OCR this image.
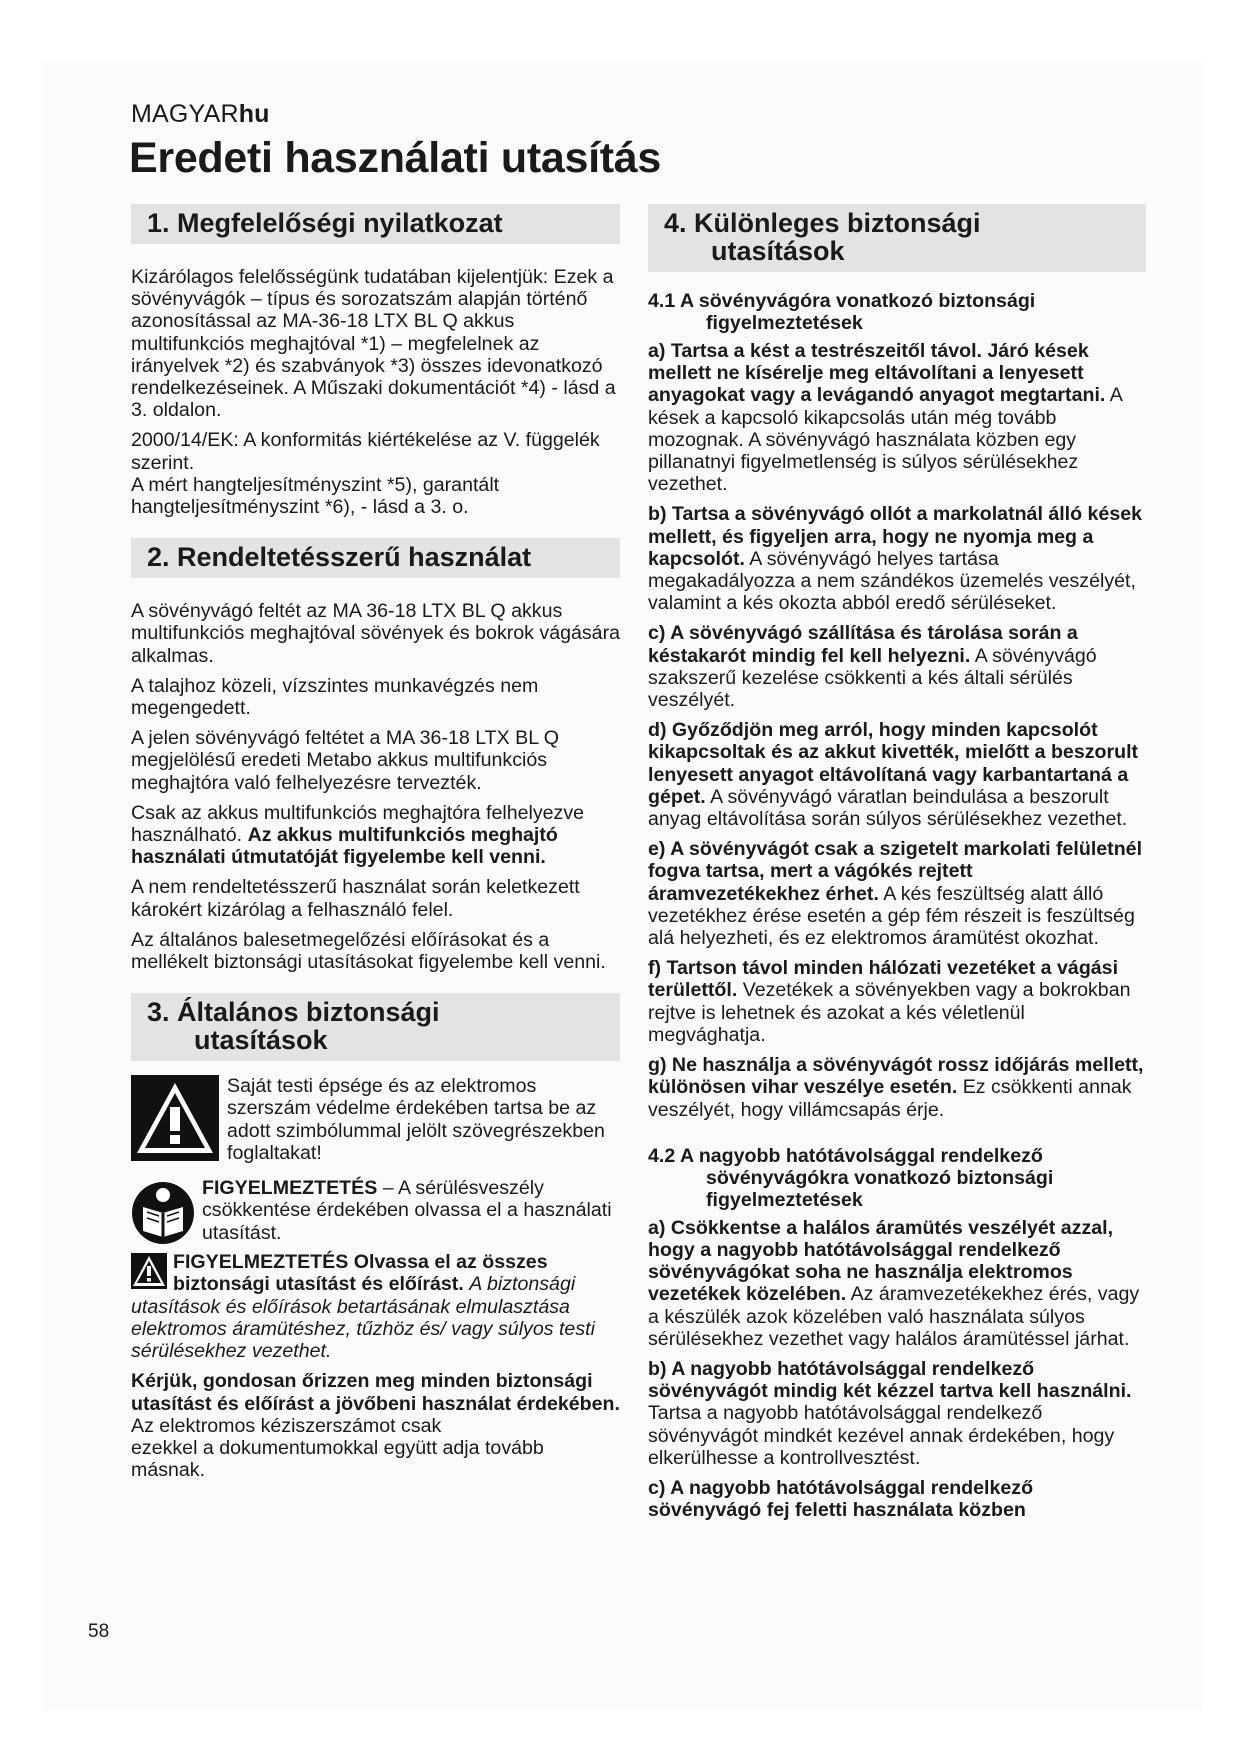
MAGYARhu
Eredeti használati utasítás
1. Megfelelőségi nyilatkozat

Kizárólagos felelősségünk tudatában kijelentjük: Ezek a sövényvágók – típus és sorozatszám alapján történő azonosítással az MA-36-18 LTX BL Q akkus multifunkciós meghajtóval *1) – megfelelnek az irányelvek *2) és szabványok *3) összes idevonatkozó rendelkezéseinek. A Műszaki dokumentációt *4) - lásd a 3. oldalon.

2000/14/EK: A konformitás kiértékelése az V. függelék szerint.
A mért hangteljesítményszint *5), garantált hangteljesítményszint *6), - lásd a 3. o.

2. Rendeltetésszerű használat

A sövényvágó feltét az MA 36-18 LTX BL Q akkus multifunkciós meghajtóval sövények és bokrok vágására alkalmas.

A talajhoz közeli, vízszintes munkavégzés nem megengedett.

A jelen sövényvágó feltétet a MA 36-18 LTX BL Q megjelölésű eredeti Metabo akkus multifunkciós meghajtóra való felhelyezésre tervezték.

Csak az akkus multifunkciós meghajtóra felhelyezve használható. Az akkus multifunkciós meghajtó használati útmutatóját figyelembe kell venni.

A nem rendeltetésszerű használat során keletkezett károkért kizárólag a felhasználó felel.

Az általános balesetmegelőzési előírásokat és a mellékelt biztonsági utasításokat figyelembe kell venni.

3. Általános biztonsági
utasítások

Saját testi épsége és az elektromos szerszám védelme érdekében tartsa be az adott szimbólummal jelölt szövegrészekben foglaltakat!

FIGYELMEZTETÉS – A sérülésveszély csökkentése érdekében olvassa el a használati utasítást.

FIGYELMEZTETÉS Olvassa el az összes biztonsági utasítást és előírást. A biztonsági utasítások és előírások betartásának elmulasztása elektromos áramütéshez, tűzhöz és/ vagy súlyos testi sérülésekhez vezethet.

Kérjük, gondosan őrizzen meg minden biztonsági utasítást és előírást a jövőbeni használat érdekében.
Az elektromos kéziszerszámot csak
ezekkel a dokumentumokkal együtt adja tovább másnak.

4. Különleges biztonsági
utasítások
4.1 A sövényvágóra vonatkozó biztonsági
figyelmeztetések

a) Tartsa a kést a testrészeitől távol. Járó kések mellett ne kísérelje meg eltávolítani a lenyesett anyagokat vagy a levágandó anyagot megtartani. A kések a kapcsoló kikapcsolás után még tovább mozognak. A sövényvágó használata közben egy pillanatnyi figyelmetlenség is súlyos sérülésekhez vezethet.

b) Tartsa a sövényvágó ollót a markolatnál álló kések mellett, és figyeljen arra, hogy ne nyomja meg a kapcsolót. A sövényvágó helyes tartása megakadályozza a nem szándékos üzemelés veszélyét, valamint a kés okozta abból eredő sérüléseket.

c) A sövényvágó szállítása és tárolása során a késtakarót mindig fel kell helyezni. A sövényvágó szakszerű kezelése csökkenti a kés általi sérülés veszélyét.

d) Győződjön meg arról, hogy minden kapcsolót kikapcsoltak és az akkut kivették, mielőtt a beszorult lenyesett anyagot eltávolítaná vagy karbantartaná a gépet. A sövényvágó váratlan beindulása a beszorult anyag eltávolítása során súlyos sérülésekhez vezethet.

e) A sövényvágót csak a szigetelt markolati felületnél fogva tartsa, mert a vágókés rejtett áramvezetékekhez érhet. A kés feszültség alatt álló vezetékhez érése esetén a gép fém részeit is feszültség alá helyezheti, és ez elektromos áramütést okozhat.

f) Tartson távol minden hálózati vezetéket a vágási területtől. Vezetékek a sövényekben vagy a bokrokban rejtve is lehetnek és azokat a kés véletlenül megvághatja.

g) Ne használja a sövényvágót rossz időjárás mellett, különösen vihar veszélye esetén. Ez csökkenti annak veszélyét, hogy villámcsapás érje.

4.2 A nagyobb hatótávolsággal rendelkező
sövényvágókra vonatkozó biztonsági
figyelmeztetések

a) Csökkentse a halálos áramütés veszélyét azzal, hogy a nagyobb hatótávolsággal rendelkező sövényvágókat soha ne használja elektromos vezetékek közelében. Az áramvezetékekhez érés, vagy a készülék azok közelében való használata súlyos sérülésekhez vezethet vagy halálos áramütéssel járhat.

b) A nagyobb hatótávolsággal rendelkező sövényvágót mindig két kézzel tartva kell használni. Tartsa a nagyobb hatótávolsággal rendelkező sövényvágót mindkét kezével annak érdekében, hogy elkerülhesse a kontrollvesztést.

c) A nagyobb hatótávolsággal rendelkező sövényvágó fej feletti használata közben

58
